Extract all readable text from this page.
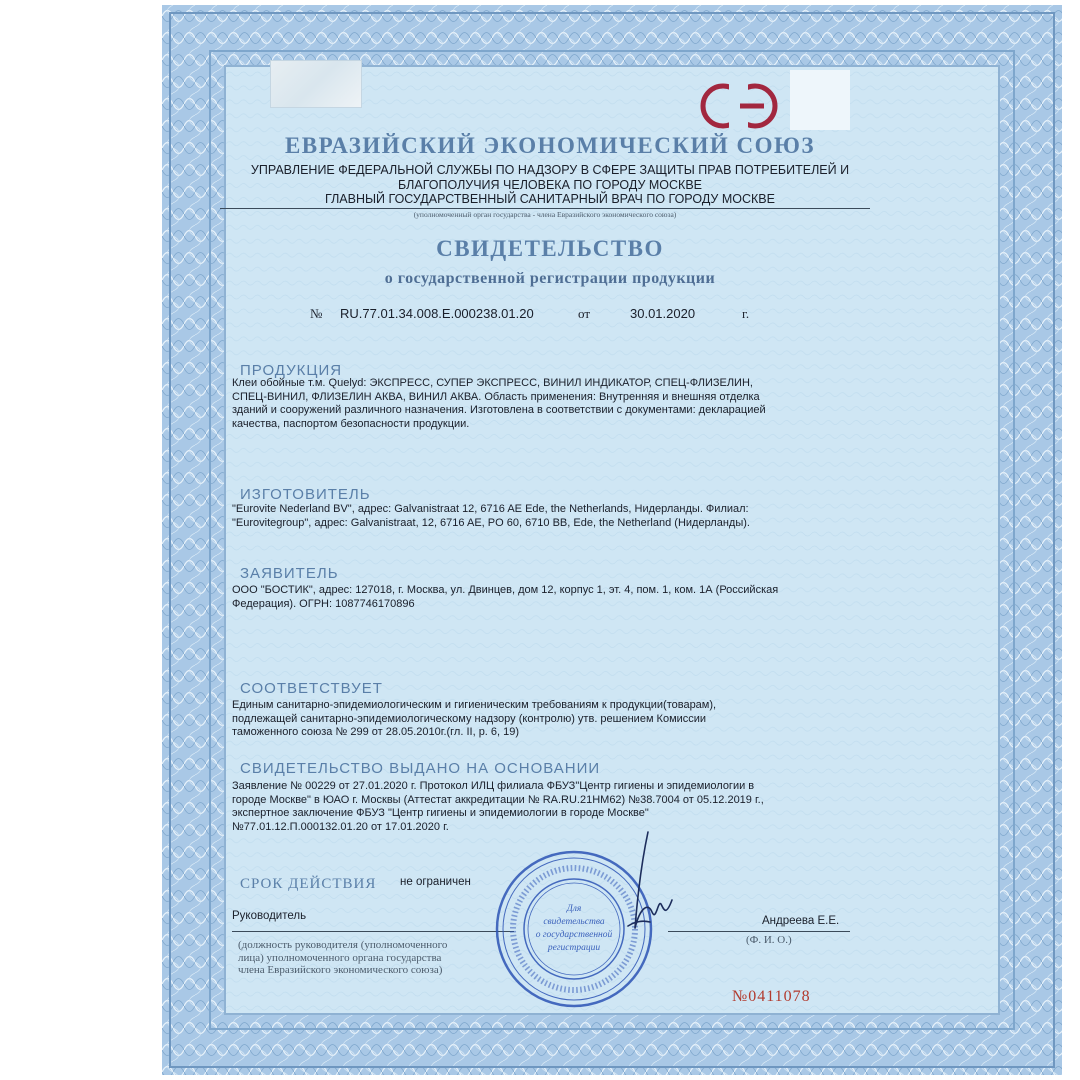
ЕВРАЗИЙСКИЙ ЭКОНОМИЧЕСКИЙ СОЮЗ
УПРАВЛЕНИЕ ФЕДЕРАЛЬНОЙ СЛУЖБЫ ПО НАДЗОРУ В СФЕРЕ ЗАЩИТЫ ПРАВ ПОТРЕБИТЕЛЕЙ И
БЛАГОПОЛУЧИЯ ЧЕЛОВЕКА ПО ГОРОДУ МОСКВЕ
ГЛАВНЫЙ ГОСУДАРСТВЕННЫЙ САНИТАРНЫЙ ВРАЧ ПО ГОРОДУ МОСКВЕ
(уполномоченный орган государства - члена Евразийского экономического союза)
СВИДЕТЕЛЬСТВО
о государственной регистрации продукции
№ RU.77.01.34.008.E.000238.01.20	от	30.01.2020	г.
ПРОДУКЦИЯ
Клеи обойные т.м. Quelyd: ЭКСПРЕСС, СУПЕР ЭКСПРЕСС, ВИНИЛ ИНДИКАТОР, СПЕЦ-ФЛИЗЕЛИН,
СПЕЦ-ВИНИЛ, ФЛИЗЕЛИН АКВА, ВИНИЛ АКВА. Область применения: Внутренняя и внешняя отделка
зданий и сооружений различного назначения. Изготовлена в соответствии с документами: декларацией
качества, паспортом безопасности продукции.
ИЗГОТОВИТЕЛЬ
"Eurovite Nederland BV", адрес: Galvanistraat 12, 6716 AE Ede, the Netherlands, Нидерланды. Филиал:
"Eurovitegroup", адрес: Galvanistraat, 12, 6716 AE, PO 60, 6710 BB, Ede, the Netherland (Нидерланды).
ЗАЯВИТЕЛЬ
ООО "БОСТИК", адрес: 127018, г. Москва, ул. Двинцев, дом 12, корпус 1, эт. 4, пом. 1, ком. 1А (Российская
Федерация). ОГРН: 1087746170896
СООТВЕТСТВУЕТ
Единым санитарно-эпидемиологическим и гигиеническим требованиям к продукции(товарам),
подлежащей санитарно-эпидемиологическому надзору (контролю) утв. решением Комиссии
таможенного союза № 299 от 28.05.2010г.(гл. II, р. 6, 19)
СВИДЕТЕЛЬСТВО ВЫДАНО НА ОСНОВАНИИ
Заявление № 00229 от 27.01.2020 г. Протокол ИЛЦ филиала ФБУЗ"Центр гигиены и эпидемиологии в
городе Москве" в ЮАО г. Москвы (Аттестат аккредитации № RA.RU.21НМ62) №38.7004 от 05.12.2019 г.,
экспертное заключение ФБУЗ "Центр гигиены и эпидемиологии в городе Москве"
№77.01.12.П.000132.01.20 от 17.01.2020 г.
СРОК ДЕЙСТВИЯ не ограничен
Руководитель	Андреева Е.Е.
(должность руководителя (уполномоченного
лица) уполномоченного органа государства
члена Евразийского экономического союза)
(Ф. И. О.)
Для
свидетельства
о государственной
регистрации
№0411078
